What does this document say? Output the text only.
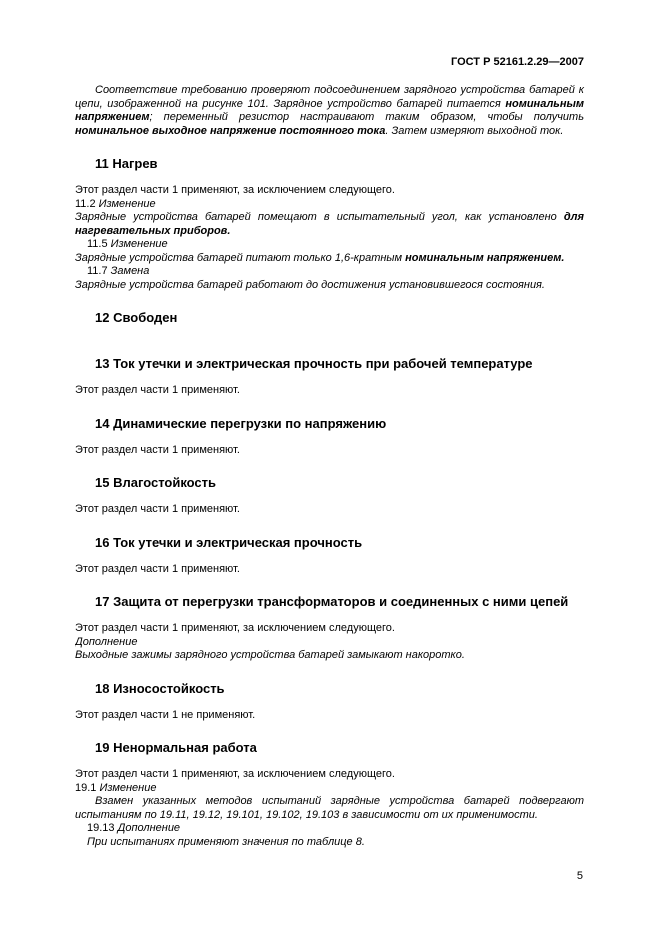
ГОСТ Р 52161.2.29—2007

Соответствие требованию проверяют подсоединением зарядного устройства батарей к цепи, изображенной на рисунке 101. Зарядное устройство батарей питается номинальным напряжением; переменный резистор настраивают таким образом, чтобы получить номинальное выходное напряжение постоянного тока. Затем измеряют выходной ток.

11 Нагрев

Этот раздел части 1 применяют, за исключением следующего.

11.2 Изменение

Зарядные устройства батарей помещают в испытательный угол, как установлено для нагревательных приборов.

11.5 Изменение

Зарядные устройства батарей питают только 1,6-кратным номинальным напряжением.

11.7 Замена

Зарядные устройства батарей работают до достижения установившегося состояния.

12 Свободен
13 Ток утечки и электрическая прочность при рабочей температуре

Этот раздел части 1 применяют.

14 Динамические перегрузки по напряжению

Этот раздел части 1 применяют.

15 Влагостойкость

Этот раздел части 1 применяют.

16 Ток утечки и электрическая прочность

Этот раздел части 1 применяют.

17 Защита от перегрузки трансформаторов и соединенных с ними цепей

Этот раздел части 1 применяют, за исключением следующего.

Дополнение

Выходные зажимы зарядного устройства батарей замыкают накоротко.

18 Износостойкость

Этот раздел части 1 не применяют.

19 Ненормальная работа

Этот раздел части 1 применяют, за исключением следующего.

19.1 Изменение

Взамен указанных методов испытаний зарядные устройства батарей подвергают испытаниям по 19.11, 19.12, 19.101, 19.102, 19.103 в зависимости от их применимости.

19.13 Дополнение

При испытаниях применяют значения по таблице 8.

5
